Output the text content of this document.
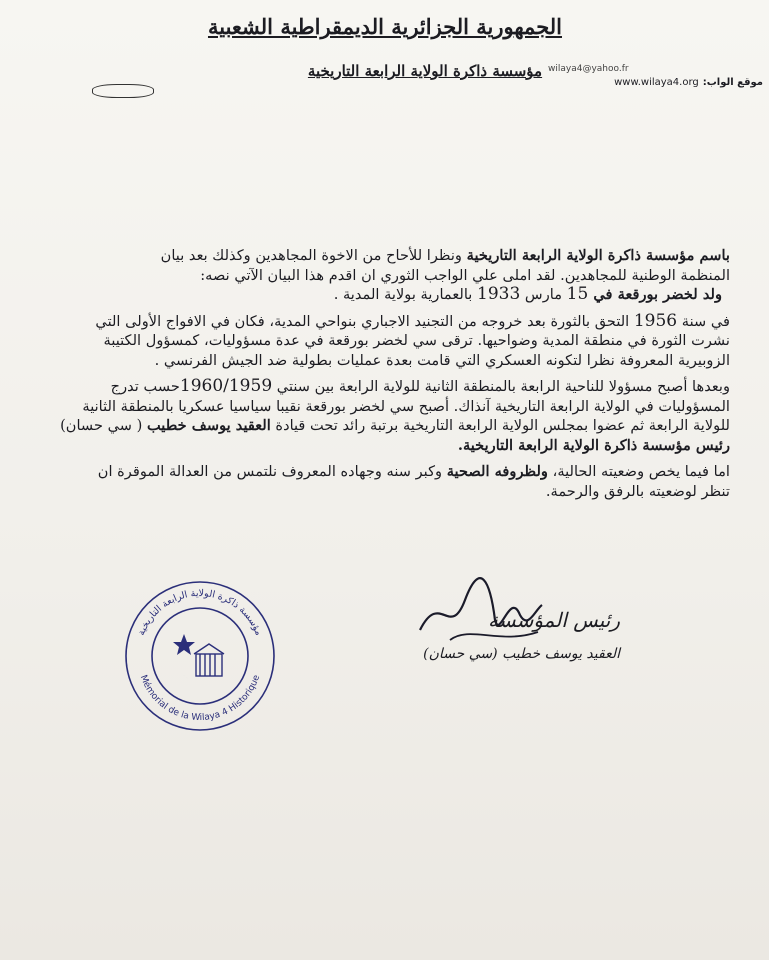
الجمهورية الجزائرية الديمقراطية الشعبية
مؤسسة ذاكرة الولاية الرابعة التاريخية wilaya4@yahoo.fr
www.wilaya4.org موقع الواب:

باسم مؤسسة ذاكرة الولاية الرابعة التاريخية ونظرا للأحاح من الاخوة المجاهدين وكذلك بعد بيان

المنظمة الوطنية للمجاهدين. لقد املى علي الواجب الثوري ان اقدم هذا البيان الآتي نصه:

ولد لخضر بورقعة في 15 مارس 1933 بالعمارية بولاية المدية .

في سنة 1956 التحق بالثورة بعد خروجه من التجنيد الاجباري بنواحي المدية، فكان في الافواج الأولى التي

نشرت الثورة في منطقة المدية وضواحيها. ترقى سي لخضر بورقعة في عدة مسؤوليات، كمسؤول الكتيبة

الزوبيرية المعروفة نظرا لتكونه العسكري التي قامت بعدة عمليات بطولية ضد الجيش الفرنسي .

وبعدها أصبح مسؤولا للناحية الرابعة بالمنطقة الثانية للولاية الرابعة بين سنتي 1960/1959حسب تدرج

المسؤوليات في الولاية الرابعة التاريخية آنذاك. أصبح سي لخضر بورقعة نقيبا سياسيا عسكريا بالمنطقة الثانية

للولاية الرابعة ثم عضوا بمجلس الولاية الرابعة التاريخية برتبة رائد تحت قيادة العقيد يوسف خطيب ( سي حسان)

رئيس مؤسسة ذاكرة الولاية الرابعة التاريخية.

اما فيما يخص وضعيته الحالية، ولظروفه الصحية وكبر سنه وجهاده المعروف نلتمس من العدالة الموقرة ان

تنظر لوضعيته بالرفق والرحمة.

مؤسسة ذاكرة الولاية الرابعة التاريخية
Mémorial de la Wilaya 4 Historique
رئيس المؤسسة
العقيد يوسف خطيب (سي حسان)
